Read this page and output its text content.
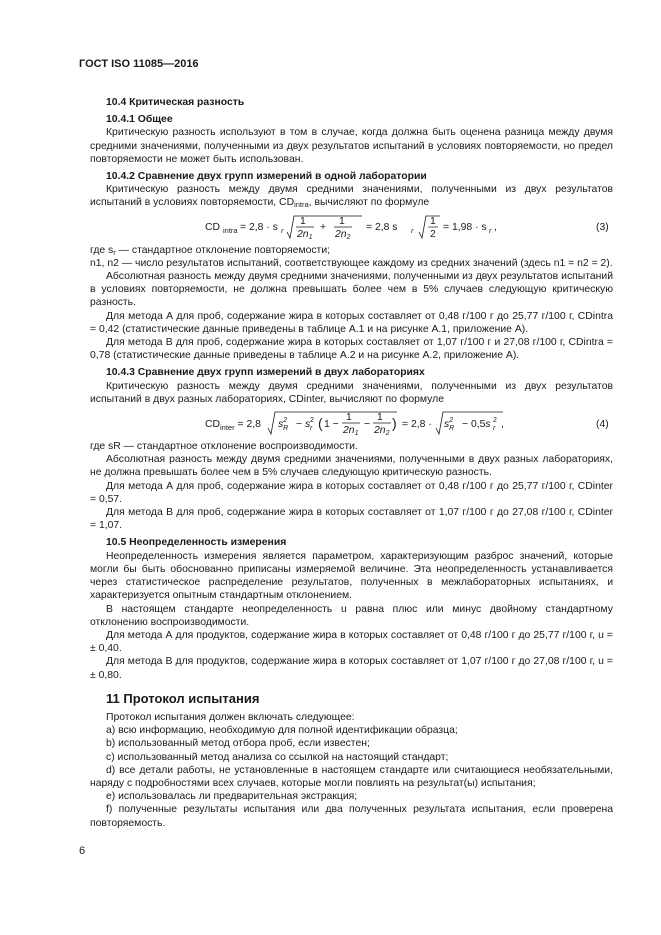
ГОСТ ISO 11085—2016
10.4 Критическая разность
10.4.1 Общее
Критическую разность используют в том в случае, когда должна быть оценена разница между двумя средними значениями, полученными из двух результатов испытаний в условиях повторяемости, но предел повторяемости не может быть использован.
10.4.2 Сравнение двух групп измерений в одной лаборатории
Критическую разность между двумя средними значениями, полученными из двух результатов испытаний в условиях повторяемости, $CD_{intra}$, вычисляют по формуле
CD intra = 2,8 · s r
1
2n1
+
1
2n2
= 2,8 s r
1
2
= 1,98 · s r ,	(3)
где $s_r$ — стандартное отклонение повторяемости;
n1, n2 — число результатов испытаний, соответствующее каждому из средних значений (здесь n1 = n2 = 2).
Абсолютная разность между двумя средними значениями, полученными из двух результатов испытаний в условиях повторяемости, не должна превышать более чем в 5% случаев следующую критическую разность.
Для метода А для проб, содержание жира в которых составляет от 0,48 г/100 г до 25,77 г/100 г, CDintra = 0,42 (статистические данные приведены в таблице А.1 и на рисунке А.1, приложение А).
Для метода В для проб, содержание жира в которых составляет от 1,07 г/100 г и 27,08 г/100 г, CDintra = 0,78 (статистические данные приведены в таблице А.2 и на рисунке А.2, приложение А).
10.4.3 Сравнение двух групп измерений в двух лабораториях
Критическую разность между двумя средними значениями, полученными из двух результатов испытаний в двух разных лабораториях, CDinter, вычисляют по формуле
$CD_{inter} = 2,8$ $s^2$ R − s 2
r ( 1 −
1
2n1
−
1
2n2
) = $2,8 \cdot s^2$ R − 0,5s 2
r ,	(4)
где sR — стандартное отклонение воспроизводимости.
Абсолютная разность между двумя средними значениями, полученными в двух разных лабораториях, не должна превышать более чем в 5% случаев следующую критическую разность.
Для метода А для проб, содержание жира в которых составляет от 0,48 г/100 г до 25,77 г/100 г, CDinter = 0,57.
Для метода В для проб, содержание жира в которых составляет от 1,07 г/100 г до 27,08 г/100 г, CDinter = 1,07.
10.5 Неопределенность измерения
Неопределенность измерения является параметром, характеризующим разброс значений, которые могли бы быть обоснованно приписаны измеряемой величине. Эта неопределенность устанавливается через статистическое распределение результатов, полученных в межлабораторных испытаниях, и характеризуется опытным стандартным отклонением.
В настоящем стандарте неопределенность u равна плюс или минус двойному стандартному отклонению воспроизводимости.
Для метода А для продуктов, содержание жира в которых составляет от 0,48 г/100 г до 25,77 г/100 г, u = ± 0,40.
Для метода В для продуктов, содержание жира в которых составляет от 1,07 г/100 г до 27,08 г/100 г, u = ± 0,80.
11 Протокол испытания
Протокол испытания должен включать следующее:
a) всю информацию, необходимую для полной идентификации образца;
b) использованный метод отбора проб, если известен;
c) использованный метод анализа со ссылкой на настоящий стандарт;
d) все детали работы, не установленные в настоящем стандарте или считающиеся необязательными, наряду с подробностями всех случаев, которые могли повлиять на результат(ы) испытания;
e) использовалась ли предварительная экстракция;
f) полученные результаты испытания или два полученных результата испытания, если проверена повторяемость.
6
